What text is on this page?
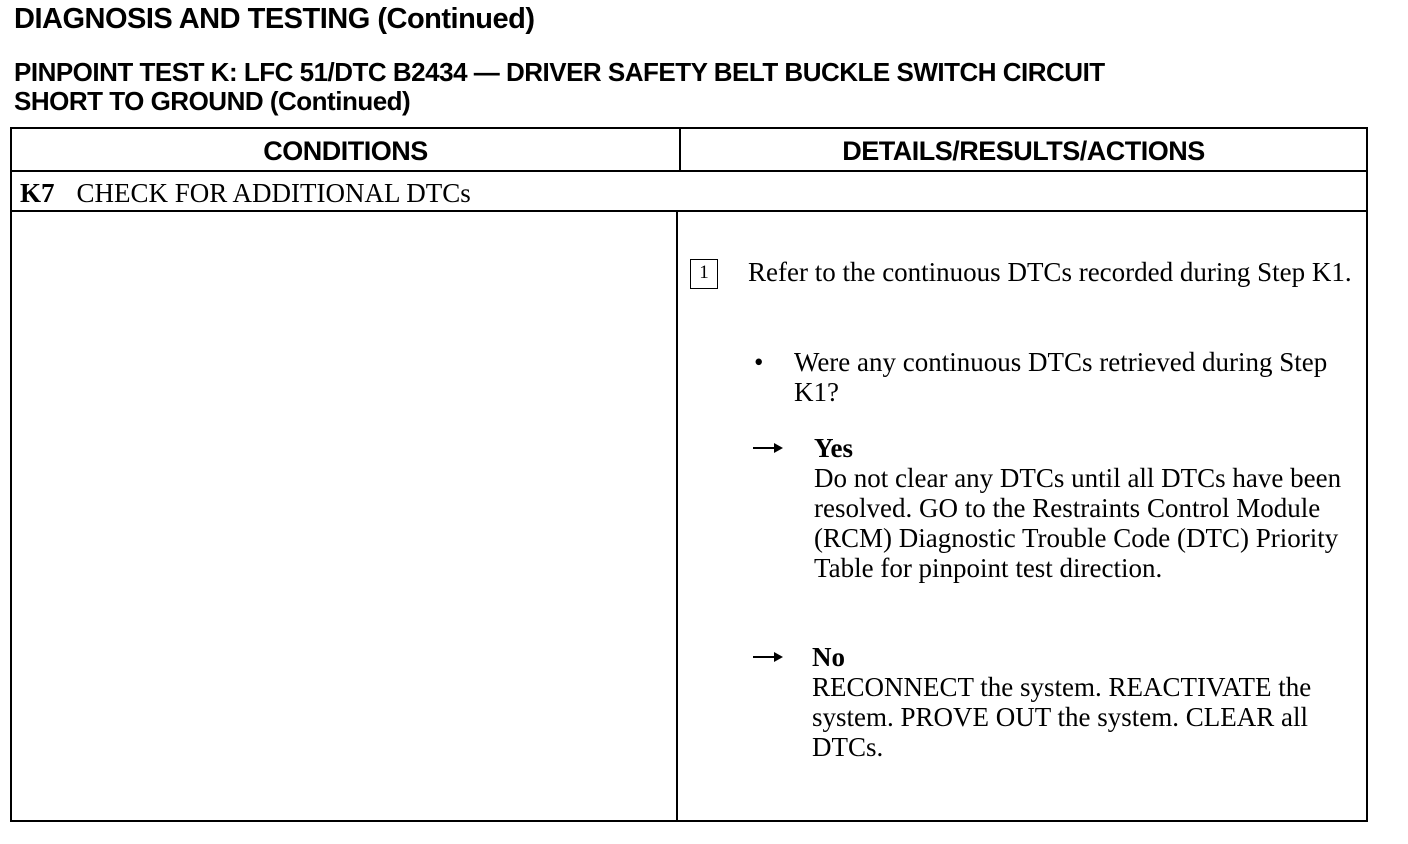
DIAGNOSIS AND TESTING (Continued)
PINPOINT TEST K: LFC 51/DTC B2434 — DRIVER SAFETY BELT BUCKLE SWITCH CIRCUIT
SHORT TO GROUND (Continued)
CONDITIONS	DETAILS/RESULTS/ACTIONS
K7 CHECK FOR ADDITIONAL DTCs
1	Refer to the continuous DTCs recorded during Step K1.
•	Were any continuous DTCs retrieved during Step K1?
Yes
Do not clear any DTCs until all DTCs have been resolved. GO to the Restraints Control Module (RCM) Diagnostic Trouble Code (DTC) Priority Table for pinpoint test direction.
No
RECONNECT the system. REACTIVATE the system. PROVE OUT the system. CLEAR all DTCs.
